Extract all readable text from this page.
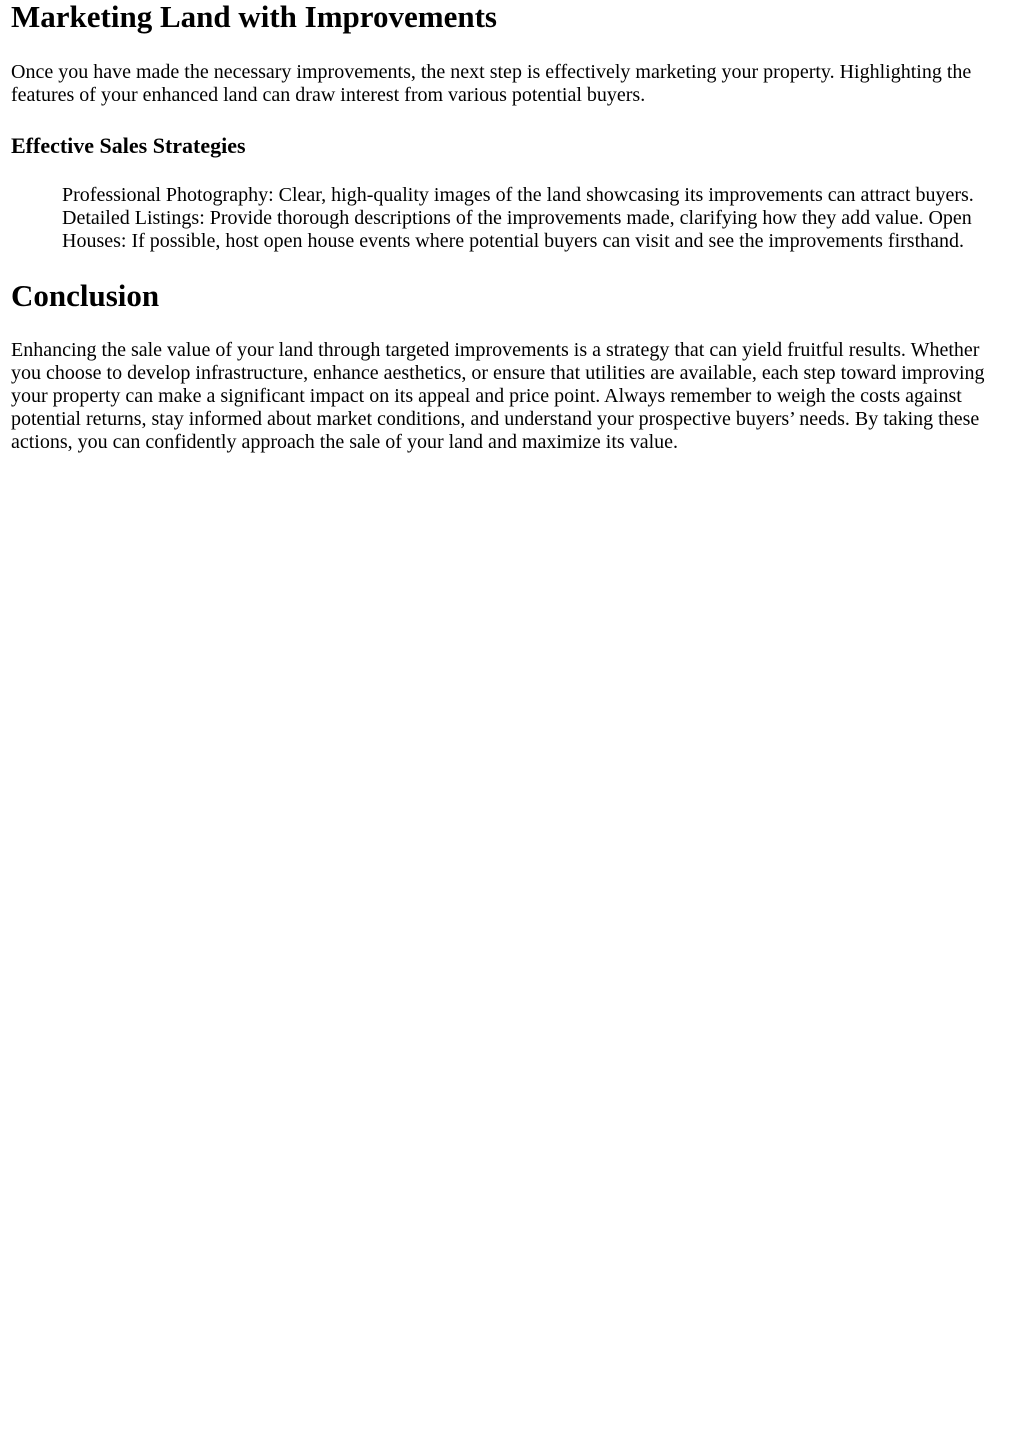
Marketing Land with Improvements

Once you have made the necessary improvements, the next step is effectively marketing your property. Highlighting the features of your enhanced land can draw interest from various potential buyers.

Effective Sales Strategies

Professional Photography: Clear, high-quality images of the land showcasing its improvements can attract buyers. Detailed Listings: Provide thorough descriptions of the improvements made, clarifying how they add value. Open Houses: If possible, host open house events where potential buyers can visit and see the improvements firsthand.

Conclusion

Enhancing the sale value of your land through targeted improvements is a strategy that can yield fruitful results. Whether you choose to develop infrastructure, enhance aesthetics, or ensure that utilities are available, each step toward improving your property can make a significant impact on its appeal and price point. Always remember to weigh the costs against potential returns, stay informed about market conditions, and understand your prospective buyers’ needs. By taking these actions, you can confidently approach the sale of your land and maximize its value.
